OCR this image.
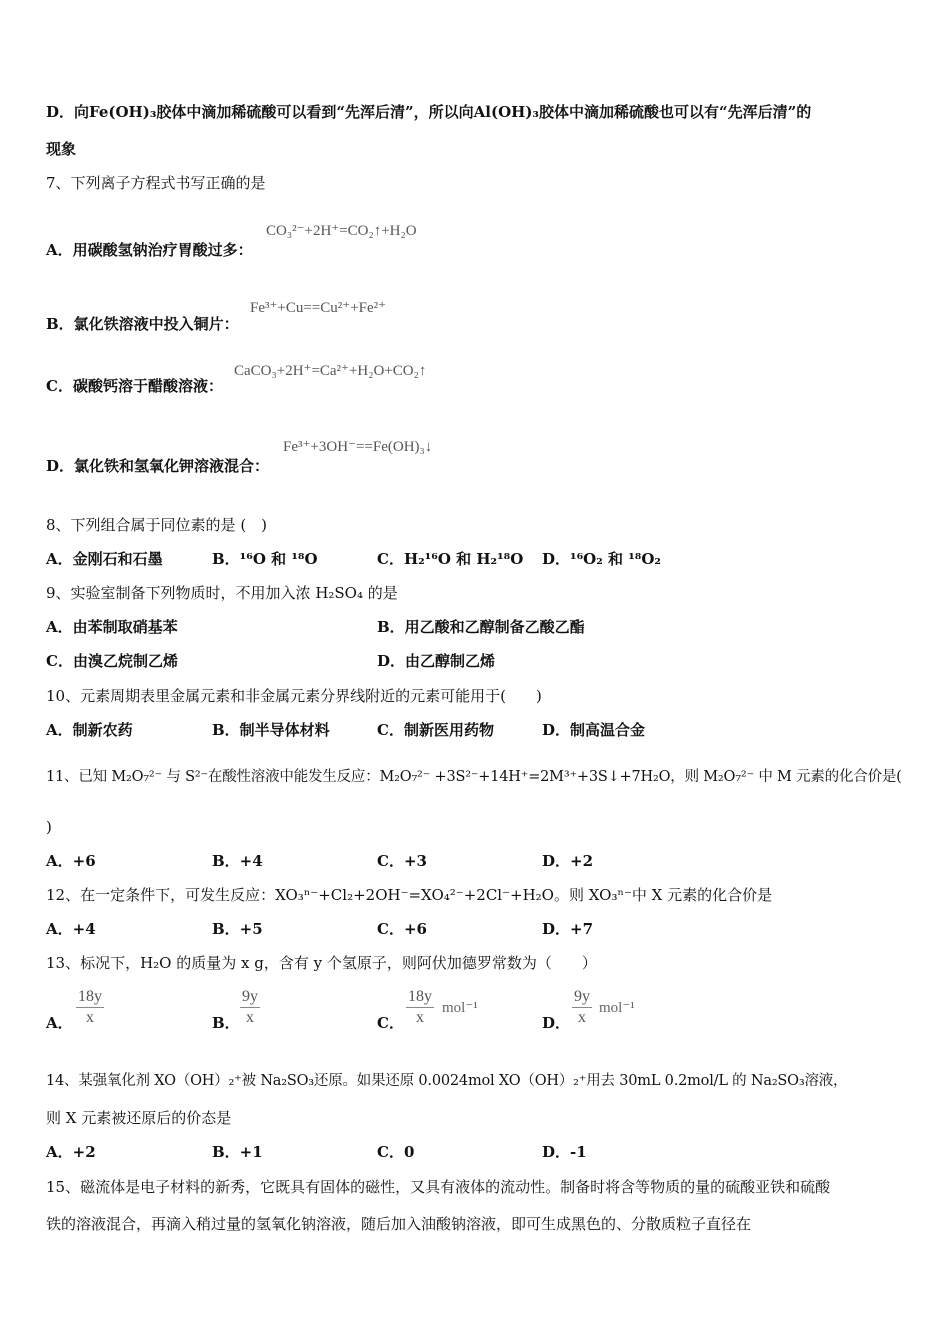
D．向Fe(OH)₃胶体中滴加稀硫酸可以看到“先浑后清”，所以向Al(OH)₃胶体中滴加稀硫酸也可以有“先浑后清”的
现象
7、下列离子方程式书写正确的是
A．用碳酸氢钠治疗胃酸过多：
CO₃²⁻+2H⁺=CO₂↑+H₂O
B．氯化铁溶液中投入铜片：
Fe³⁺+Cu==Cu²⁺+Fe²⁺
C．碳酸钙溶于醋酸溶液：
CaCO₃+2H⁺=Ca²⁺+H₂O+CO₂↑
D．氯化铁和氢氧化钾溶液混合：
Fe³⁺+3OH⁻==Fe(OH)₃↓
8、下列组合属于同位素的是 (　)
A．金刚石和石墨	B．¹⁶O 和 ¹⁸O	C．H₂¹⁶O 和 H₂¹⁸O D．¹⁶O₂ 和 ¹⁸O₂
9、实验室制备下列物质时，不用加入浓 H₂SO₄ 的是
A．由苯制取硝基苯	B．用乙酸和乙醇制备乙酸乙酯
C．由溴乙烷制乙烯	D．由乙醇制乙烯
10、元素周期表里金属元素和非金属元素分界线附近的元素可能用于(　　)
A．制新农药	B．制半导体材料	C．制新医用药物	D．制高温合金
11、已知 M₂O₇²⁻ 与 S²⁻在酸性溶液中能发生反应：M₂O₇²⁻ +3S²⁻+14H⁺=2M³⁺+3S↓+7H₂O，则 M₂O₇²⁻ 中 M 元素的化合价是(
)
A．+6	B．+4	C．+3	D．+2
12、在一定条件下，可发生反应：XO₃ⁿ⁻+Cl₂+2OH⁻=XO₄²⁻+2Cl⁻+H₂O。则 XO₃ⁿ⁻中 X 元素的化合价是
A．+4	B．+5	C．+6	D．+7
13、标况下，H₂O 的质量为 x g，含有 y 个氢原子，则阿伏加德罗常数为（　　）
A． $\frac{18y}{x}$	B． $\frac{9y}{x}$	C． $\frac{18y}{x} mol^{-1}$
D． $\frac{9y}{x} mol^{-1}$
14、某强氧化剂 XO（OH）₂⁺被 Na₂SO₃还原。如果还原 0.0024mol XO（OH）₂⁺用去 30mL 0.2mol/L 的 Na₂SO₃溶液，
则 X 元素被还原后的价态是
A．+2	B．+1	C．0	D．-1
15、磁流体是电子材料的新秀，它既具有固体的磁性，又具有液体的流动性。制备时将含等物质的量的硫酸亚铁和硫酸
铁的溶液混合，再滴入稍过量的氢氧化钠溶液，随后加入油酸钠溶液，即可生成黑色的、分散质粒子直径在
